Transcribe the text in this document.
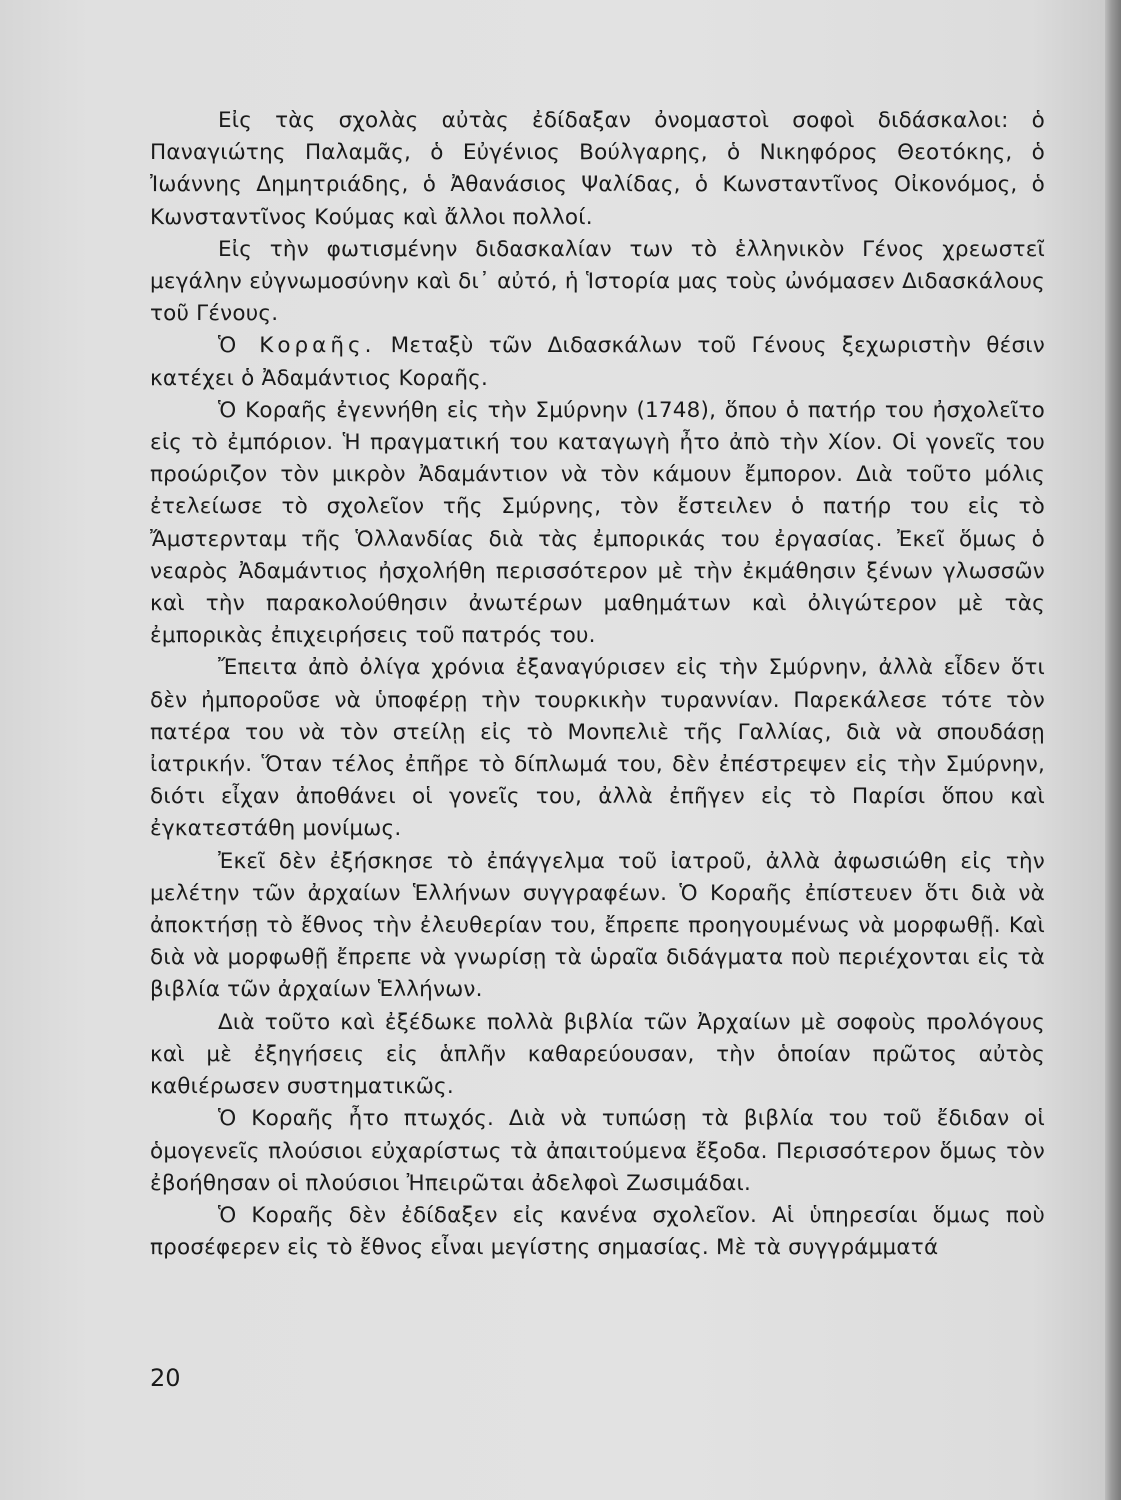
Εἰς τὰς σχολὰς αὐτὰς ἐδίδαξαν ὀνομαστοὶ σοφοὶ διδάσκαλοι: ὁ Παναγιώτης Παλαμᾶς, ὁ Εὐγένιος Βούλγαρης, ὁ Νικηφόρος Θεοτόκης, ὁ Ἰωάννης Δημητριάδης, ὁ Ἀθανάσιος Ψαλίδας, ὁ Κωνσταντῖνος Οἰκονόμος, ὁ Κωνσταντῖνος Κούμας καὶ ἄλλοι πολλοί.

Εἰς τὴν φωτισμένην διδασκαλίαν των τὸ ἑλληνικὸν Γένος χρεωστεῖ μεγάλην εὐγνωμοσύνην καὶ δι᾽ αὐτό, ἡ Ἱστορία μας τοὺς ὠνόμασεν Διδασκάλους τοῦ Γένους.

Ὁ Κοραῆς. Μεταξὺ τῶν Διδασκάλων τοῦ Γένους ξεχωριστὴν θέσιν κατέχει ὁ Ἀδαμάντιος Κοραῆς.

Ὁ Κοραῆς ἐγεννήθη εἰς τὴν Σμύρνην (1748), ὅπου ὁ πατήρ του ἠσχολεῖτο εἰς τὸ ἐμπόριον. Ἡ πραγματική του καταγωγὴ ἦτο ἀπὸ τὴν Χίον. Οἱ γονεῖς του προώριζον τὸν μικρὸν Ἀδαμάντιον νὰ τὸν κάμουν ἔμπορον. Διὰ τοῦτο μόλις ἐτελείωσε τὸ σχολεῖον τῆς Σμύρνης, τὸν ἔστειλεν ὁ πατήρ του εἰς τὸ Ἄμστερνταμ τῆς Ὁλλανδίας διὰ τὰς ἐμπορικάς του ἐργασίας. Ἐκεῖ ὅμως ὁ νεαρὸς Ἀδαμάντιος ἠσχολήθη περισσότερον μὲ τὴν ἐκμάθησιν ξένων γλωσσῶν καὶ τὴν παρακολούθησιν ἀνωτέρων μαθημάτων καὶ ὀλιγώτερον μὲ τὰς ἐμπορικὰς ἐπιχειρήσεις τοῦ πατρός του.

Ἔπειτα ἀπὸ ὀλίγα χρόνια ἐξαναγύρισεν εἰς τὴν Σμύρνην, ἀλλὰ εἶδεν ὅτι δὲν ἠμποροῦσε νὰ ὑποφέρῃ τὴν τουρκικὴν τυραννίαν. Παρεκάλεσε τότε τὸν πατέρα του νὰ τὸν στείλῃ εἰς τὸ Μονπελιὲ τῆς Γαλλίας, διὰ νὰ σπουδάσῃ ἰατρικήν. Ὅταν τέλος ἐπῆρε τὸ δίπλωμά του, δὲν ἐπέστρεψεν εἰς τὴν Σμύρνην, διότι εἶχαν ἀποθάνει οἱ γονεῖς του, ἀλλὰ ἐπῆγεν εἰς τὸ Παρίσι ὅπου καὶ ἐγκατεστάθη μονίμως.

Ἐκεῖ δὲν ἐξήσκησε τὸ ἐπάγγελμα τοῦ ἰατροῦ, ἀλλὰ ἀφωσιώθη εἰς τὴν μελέτην τῶν ἀρχαίων Ἑλλήνων συγγραφέων. Ὁ Κοραῆς ἐπίστευεν ὅτι διὰ νὰ ἀποκτήσῃ τὸ ἔθνος τὴν ἐλευθερίαν του, ἔπρεπε προηγουμένως νὰ μορφωθῇ. Καὶ διὰ νὰ μορφωθῇ ἔπρεπε νὰ γνωρίσῃ τὰ ὡραῖα διδάγματα ποὺ περιέχονται εἰς τὰ βιβλία τῶν ἀρχαίων Ἑλλήνων.

Διὰ τοῦτο καὶ ἐξέδωκε πολλὰ βιβλία τῶν Ἀρχαίων μὲ σοφοὺς προλόγους καὶ μὲ ἐξηγήσεις εἰς ἁπλῆν καθαρεύουσαν, τὴν ὁποίαν πρῶτος αὐτὸς καθιέρωσεν συστηματικῶς.

Ὁ Κοραῆς ἦτο πτωχός. Διὰ νὰ τυπώσῃ τὰ βιβλία του τοῦ ἔδιδαν οἱ ὁμογενεῖς πλούσιοι εὐχαρίστως τὰ ἀπαιτούμενα ἔξοδα. Περισσότερον ὅμως τὸν ἐβοήθησαν οἱ πλούσιοι Ἠπειρῶται ἀδελφοὶ Ζωσιμάδαι.

Ὁ Κοραῆς δὲν ἐδίδαξεν εἰς κανένα σχολεῖον. Αἱ ὑπηρεσίαι ὅμως ποὺ προσέφερεν εἰς τὸ ἔθνος εἶναι μεγίστης σημασίας. Μὲ τὰ συγγράμματά

20
